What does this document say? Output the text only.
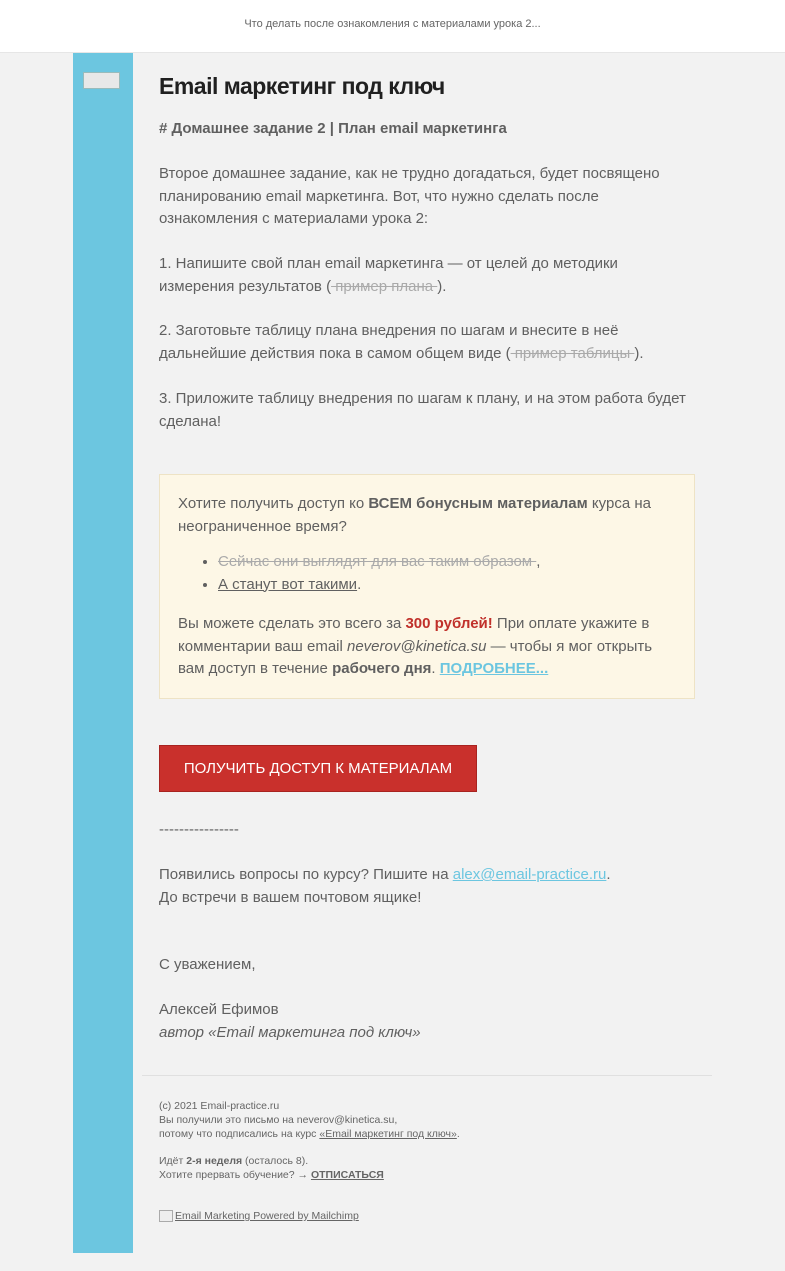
Что делать после ознакомления с материалами урока 2...
Email маркетинг под ключ
# Домашнее задание 2 | План email маркетинга

Второе домашнее задание, как не трудно догадаться, будет посвящено планированию email маркетинга. Вот, что нужно сделать после ознакомления с материалами урока 2:

1. Напишите свой план email маркетинга — от целей до методики измерения результатов ( пример плана ).

2. Заготовьте таблицу плана внедрения по шагам и внесите в неё дальнейшие действия пока в самом общем виде ( пример таблицы ).

3. Приложите таблицу внедрения по шагам к плану, и на этом работа будет сделана!

Хотите получить доступ ко ВСЕМ бонусным материалам курса на неограниченное время?
• Сейчас они выглядят для вас таким образом ,
• А станут вот такими.
Вы можете сделать это всего за 300 рублей! При оплате укажите в комментарии ваш email neverov@kinetica.su — чтобы я мог открыть вам доступ в течение рабочего дня. ПОДРОБНЕЕ...
ПОЛУЧИТЬ ДОСТУП К МАТЕРИАЛАМ

----------------

Появились вопросы по курсу? Пишите на alex@email-practice.ru.

До встречи в вашем почтовом ящике!

С уважением,

Алексей Ефимов

автор «Email маркетинга под ключ»

(c) 2021 Email-practice.ru
Вы получили это письмо на neverov@kinetica.su,
потому что подписались на курс «Email маркетинг под ключ».
Идёт 2-я неделя (осталось 8).
Хотите прервать обучение? → ОТПИСАТЬСЯ
Email Marketing Powered by Mailchimp
